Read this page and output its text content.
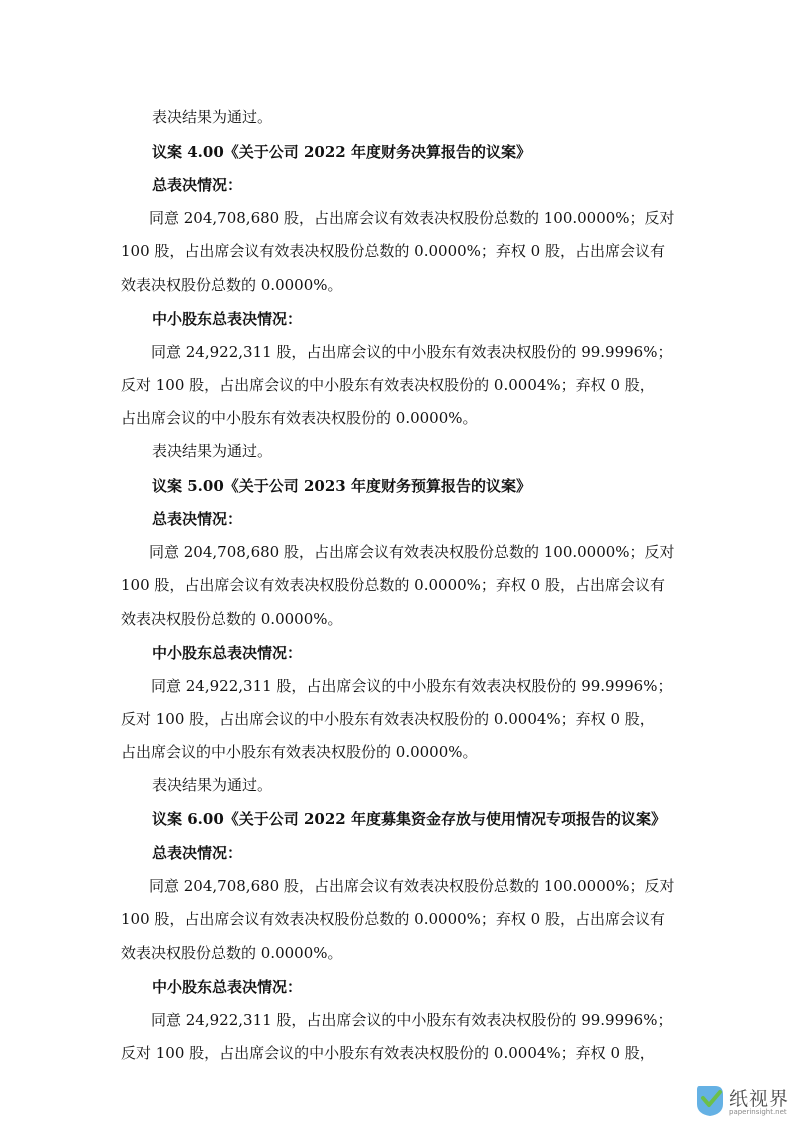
表决结果为通过。
议案 4.00《关于公司 2022 年度财务决算报告的议案》
总表决情况：
同意 204,708,680 股，占出席会议有效表决权股份总数的 100.0000%；反对
100 股，占出席会议有效表决权股份总数的 0.0000%；弃权 0 股，占出席会议有
效表决权股份总数的 0.0000%。
中小股东总表决情况：
同意 24,922,311 股，占出席会议的中小股东有效表决权股份的 99.9996%；
反对 100 股，占出席会议的中小股东有效表决权股份的 0.0004%；弃权 0 股，
占出席会议的中小股东有效表决权股份的 0.0000%。
表决结果为通过。
议案 5.00《关于公司 2023 年度财务预算报告的议案》
总表决情况：
同意 204,708,680 股，占出席会议有效表决权股份总数的 100.0000%；反对
100 股，占出席会议有效表决权股份总数的 0.0000%；弃权 0 股，占出席会议有
效表决权股份总数的 0.0000%。
中小股东总表决情况：
同意 24,922,311 股，占出席会议的中小股东有效表决权股份的 99.9996%；
反对 100 股，占出席会议的中小股东有效表决权股份的 0.0004%；弃权 0 股，
占出席会议的中小股东有效表决权股份的 0.0000%。
表决结果为通过。
议案 6.00《关于公司 2022 年度募集资金存放与使用情况专项报告的议案》
总表决情况：
同意 204,708,680 股，占出席会议有效表决权股份总数的 100.0000%；反对
100 股，占出席会议有效表决权股份总数的 0.0000%；弃权 0 股，占出席会议有
效表决权股份总数的 0.0000%。
中小股东总表决情况：
同意 24,922,311 股，占出席会议的中小股东有效表决权股份的 99.9996%；
反对 100 股，占出席会议的中小股东有效表决权股份的 0.0004%；弃权 0 股，
纸视界
paperinsight.net
